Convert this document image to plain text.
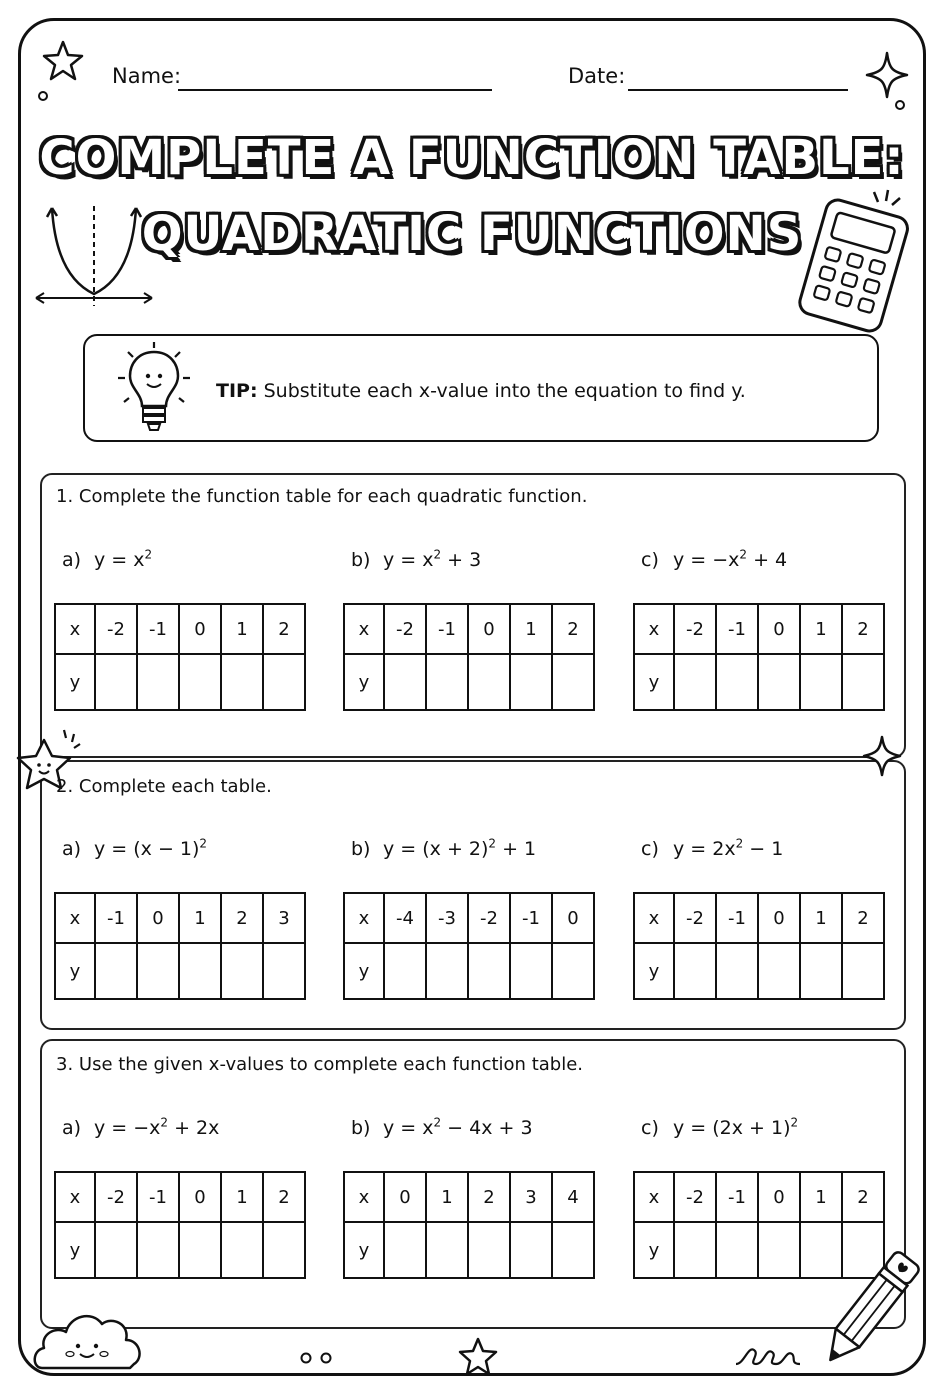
Name:	Date:
COMPLETE A FUNCTION TABLE:
QUADRATIC FUNCTIONS
TIP: Substitute each x-value into the equation to find y.
1. Complete the function table for each quadratic function.
a) $y = x^2$
x	-2	-1	0	1	2
y					
b) $y = x^2 + 3$
x	-2	-1	0	1	2
y					
c) $y = -x^2 + 4$
x	-2	-1	0	1	2
y					
2. Complete each table.
a) $y = (x - 1)^2$
x	-1	0	1	2	3
y					
b) $y = (x + 2)^2 + 1$
x	-4	-3	-2	-1	0
y					
c) $y = 2x^2 - 1$
x	-2	-1	0	1	2
y					
3. Use the given x-values to complete each function table.
a) $y = -x^2 + 2x$
x	-2	-1	0	1	2
y					
b) $y = x^2 - 4x + 3$
x	0	1	2	3	4
y					
c) $y = (2x + 1)^2$
x	-2	-1	0	1	2
y					
